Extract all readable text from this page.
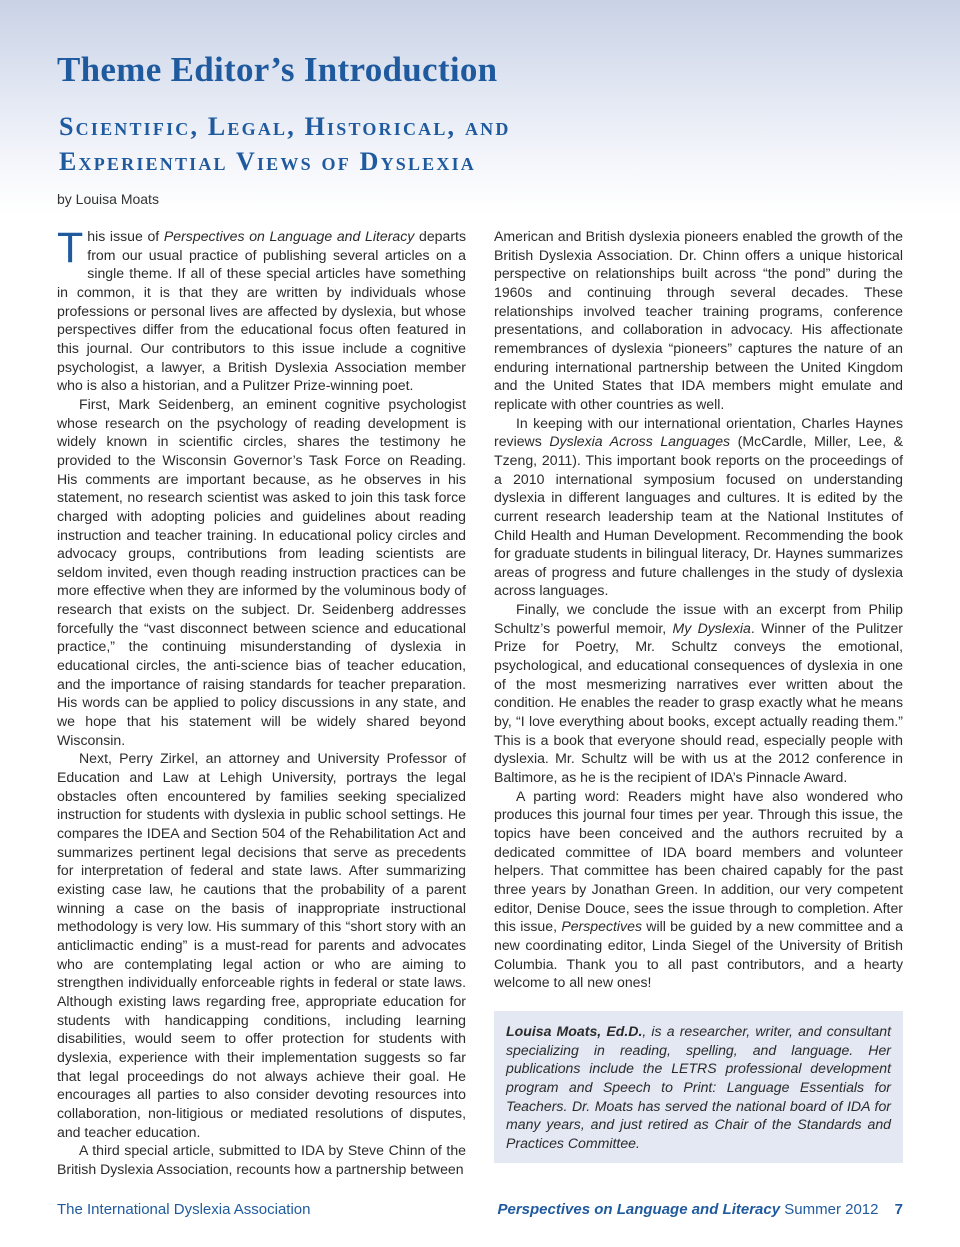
Theme Editor’s Introduction
Scientific, Legal, Historical, and
Experiential Views of Dyslexia
by Louisa Moats

This issue of Perspectives on Language and Literacy departs from our usual practice of publishing several articles on a single theme. If all of these special articles have something in common, it is that they are written by individuals whose professions or personal lives are affected by dyslexia, but whose perspectives differ from the educational focus often featured in this journal. Our contributors to this issue include a cognitive psychologist, a lawyer, a British Dyslexia Association member who is also a historian, and a Pulitzer Prize-winning poet.

First, Mark Seidenberg, an eminent cognitive psychologist whose research on the psychology of reading development is widely known in scientific circles, shares the testimony he provided to the Wisconsin Governor’s Task Force on Reading. His comments are important because, as he observes in his statement, no research scientist was asked to join this task force charged with adopting policies and guidelines about reading instruction and teacher training. In educational policy circles and advocacy groups, contributions from leading scientists are seldom invited, even though reading instruction practices can be more effective when they are informed by the voluminous body of research that exists on the subject. Dr. Seidenberg addresses forcefully the “vast disconnect between science and educational practice,” the continuing misunderstanding of dyslexia in educational circles, the anti-science bias of teacher education, and the importance of raising standards for teacher preparation. His words can be applied to policy discussions in any state, and we hope that his statement will be widely shared beyond Wisconsin.

Next, Perry Zirkel, an attorney and University Professor of Education and Law at Lehigh University, portrays the legal obstacles often encountered by families seeking specialized instruction for students with dyslexia in public school settings. He compares the IDEA and Section 504 of the Rehabilitation Act and summarizes pertinent legal decisions that serve as precedents for interpretation of federal and state laws. After summarizing existing case law, he cautions that the probability of a parent winning a case on the basis of inappropriate instructional methodology is very low. His summary of this “short story with an anticlimactic ending” is a must-read for parents and advocates who are contemplating legal action or who are aiming to strengthen individually enforceable rights in federal or state laws. Although existing laws regarding free, appropriate education for students with handicapping conditions, including learning disabilities, would seem to offer protection for students with dyslexia, experience with their implementation suggests so far that legal proceedings do not always achieve their goal. He encourages all parties to also consider devoting resources into collaboration, non-litigious or mediated resolutions of disputes, and teacher education.

A third special article, submitted to IDA by Steve Chinn of the British Dyslexia Association, recounts how a partnership between

American and British dyslexia pioneers enabled the growth of the British Dyslexia Association. Dr. Chinn offers a unique historical perspective on relationships built across “the pond” during the 1960s and continuing through several decades. These relationships involved teacher training programs, conference presentations, and collaboration in advocacy. His affectionate remembrances of dyslexia “pioneers” captures the nature of an enduring international partnership between the United Kingdom and the United States that IDA members might emulate and replicate with other countries as well.

In keeping with our international orientation, Charles Haynes reviews Dyslexia Across Languages (McCardle, Miller, Lee, & Tzeng, 2011). This important book reports on the proceedings of a 2010 international symposium focused on understanding dyslexia in different languages and cultures. It is edited by the current research leadership team at the National Institutes of Child Health and Human Development. Recommending the book for graduate students in bilingual literacy, Dr. Haynes summarizes areas of progress and future challenges in the study of dyslexia across languages.

Finally, we conclude the issue with an excerpt from Philip Schultz’s powerful memoir, My Dyslexia. Winner of the Pulitzer Prize for Poetry, Mr. Schultz conveys the emotional, psychological, and educational consequences of dyslexia in one of the most mesmerizing narratives ever written about the condition. He enables the reader to grasp exactly what he means by, “I love everything about books, except actually reading them.” This is a book that everyone should read, especially people with dyslexia. Mr. Schultz will be with us at the 2012 conference in Baltimore, as he is the recipient of IDA’s Pinnacle Award.

A parting word: Readers might have also wondered who produces this journal four times per year. Through this issue, the topics have been conceived and the authors recruited by a dedicated committee of IDA board members and volunteer helpers. That committee has been chaired capably for the past three years by Jonathan Green. In addition, our very competent editor, Denise Douce, sees the issue through to completion. After this issue, Perspectives will be guided by a new committee and a new coordinating editor, Linda Siegel of the University of British Columbia. Thank you to all past contributors, and a hearty welcome to all new ones!

Louisa Moats, Ed.D., is a researcher, writer, and consultant specializing in reading, spelling, and language. Her publications include the LETRS professional development program and Speech to Print: Language Essentials for Teachers. Dr. Moats has served the national board of IDA for many years, and just retired as Chair of the Standards and Practices Committee.
The International Dyslexia Association	Perspectives on Language and Literacy Summer 2012 7
